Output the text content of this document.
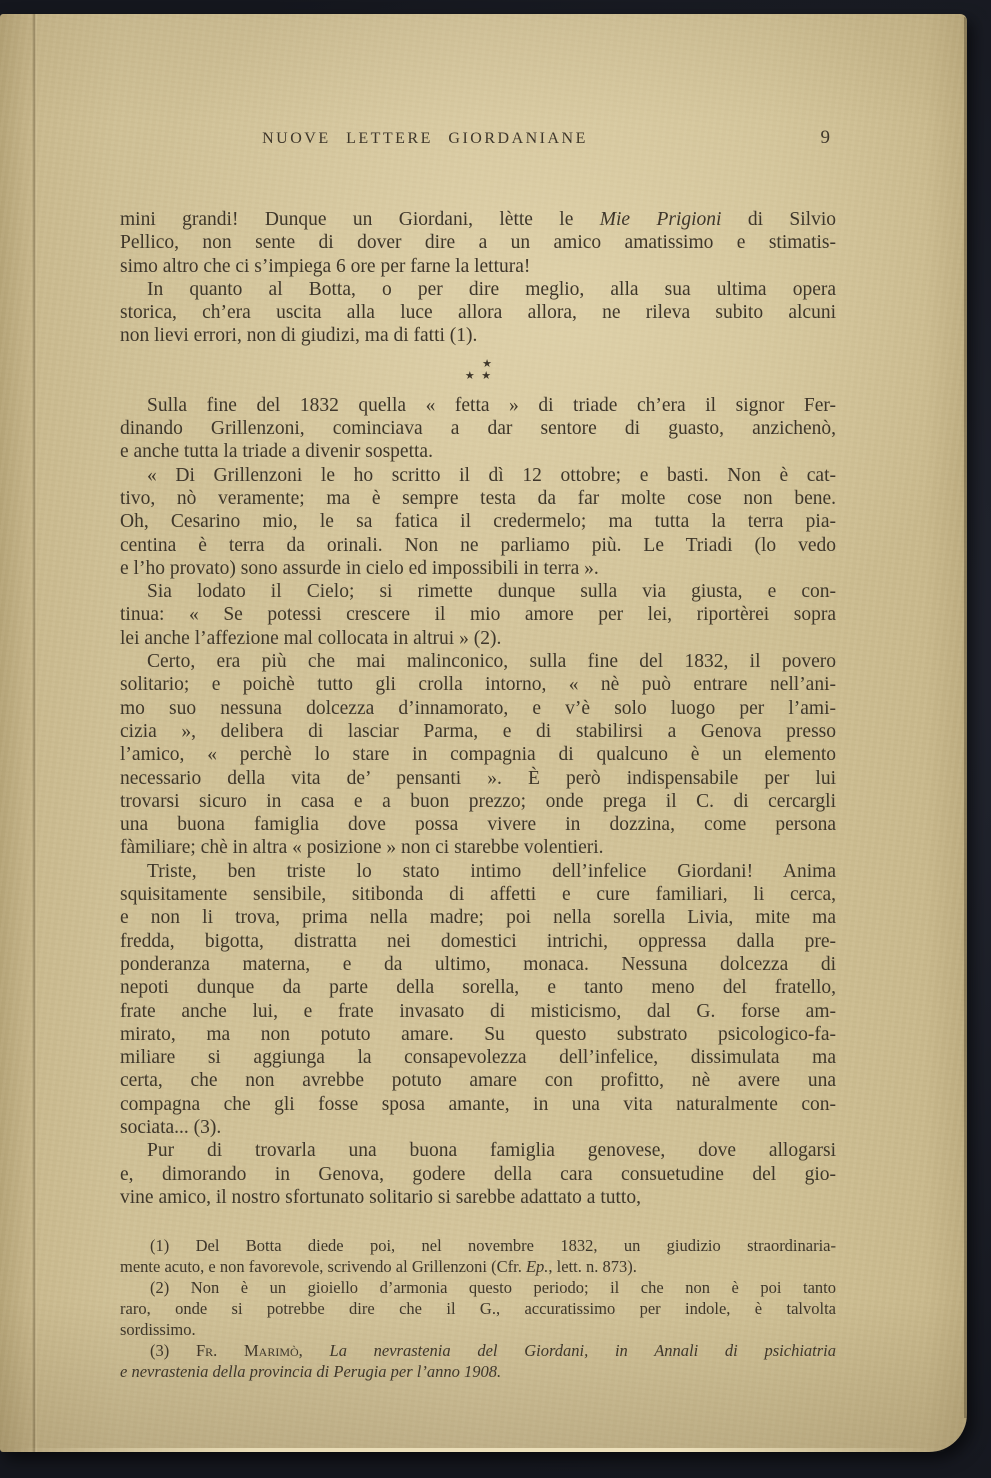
NUOVE LETTERE GIORDANIANE	9
mini grandi! Dunque un Giordani, lètte le Mie Prigioni di Silvio
Pellico, non sente di dover dire a un amico amatissimo e stimatis-
simo altro che ci s’impiega 6 ore per farne la lettura!
In quanto al Botta, o per dire meglio, alla sua ultima opera
storica, ch’era uscita alla luce allora allora, ne rileva subito alcuni
non lievi errori, non di giudizi, ma di fatti (1).
★
★ ★
Sulla fine del 1832 quella « fetta » di triade ch’era il signor Fer-
dinando Grillenzoni, cominciava a dar sentore di guasto, anzichenò,
e anche tutta la triade a divenir sospetta.
« Di Grillenzoni le ho scritto il dì 12 ottobre; e basti. Non è cat-
tivo, nò veramente; ma è sempre testa da far molte cose non bene.
Oh, Cesarino mio, le sa fatica il credermelo; ma tutta la terra pia-
centina è terra da orinali. Non ne parliamo più. Le Triadi (lo vedo
e l’ho provato) sono assurde in cielo ed impossibili in terra ».
Sia lodato il Cielo; si rimette dunque sulla via giusta, e con-
tinua: « Se potessi crescere il mio amore per lei, riportèrei sopra
lei anche l’affezione mal collocata in altrui » (2).
Certo, era più che mai malinconico, sulla fine del 1832, il povero
solitario; e poichè tutto gli crolla intorno, « nè può entrare nell’ani-
mo suo nessuna dolcezza d’innamorato, e v’è solo luogo per l’ami-
cizia », delibera di lasciar Parma, e di stabilirsi a Genova presso
l’amico, « perchè lo stare in compagnia di qualcuno è un elemento
necessario della vita de’ pensanti ». È però indispensabile per lui
trovarsi sicuro in casa e a buon prezzo; onde prega il C. di cercargli
una buona famiglia dove possa vivere in dozzina, come persona
fàmiliare; chè in altra « posizione » non ci starebbe volentieri.
Triste, ben triste lo stato intimo dell’infelice Giordani! Anima
squisitamente sensibile, sitibonda di affetti e cure familiari, li cerca,
e non li trova, prima nella madre; poi nella sorella Livia, mite ma
fredda, bigotta, distratta nei domestici intrichi, oppressa dalla pre-
ponderanza materna, e da ultimo, monaca. Nessuna dolcezza di
nepoti dunque da parte della sorella, e tanto meno del fratello,
frate anche lui, e frate invasato di misticismo, dal G. forse am-
mirato, ma non potuto amare. Su questo substrato psicologico-fa-
miliare si aggiunga la consapevolezza dell’infelice, dissimulata ma
certa, che non avrebbe potuto amare con profitto, nè avere una
compagna che gli fosse sposa amante, in una vita naturalmente con-
sociata... (3).
Pur di trovarla una buona famiglia genovese, dove allogarsi
e, dimorando in Genova, godere della cara consuetudine del gio-
vine amico, il nostro sfortunato solitario si sarebbe adattato a tutto,
(1) Del Botta diede poi, nel novembre 1832, un giudizio straordinaria-
mente acuto, e non favorevole, scrivendo al Grillenzoni (Cfr. Ep., lett. n. 873).
(2) Non è un gioiello d’armonia questo periodo; il che non è poi tanto
raro, onde si potrebbe dire che il G., accuratissimo per indole, è talvolta
sordissimo.
(3) Fr. Marimò, La nevrastenia del Giordani, in Annali di psichiatria
e nevrastenia della provincia di Perugia per l’anno 1908.
